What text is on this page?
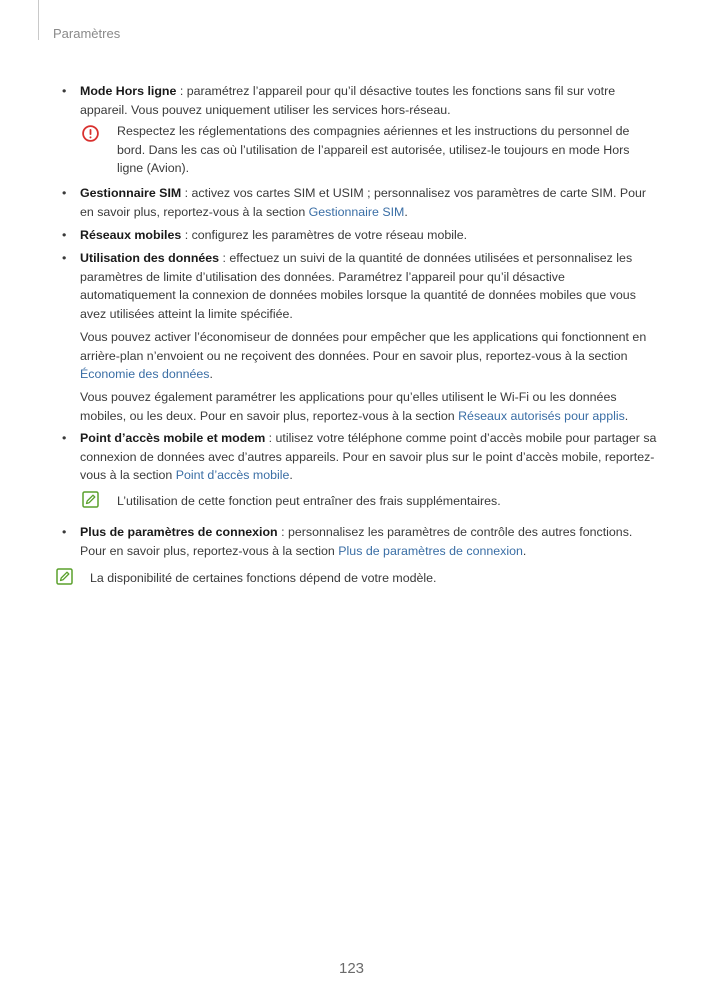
Paramètres
• Mode Hors ligne : paramétrez l’appareil pour qu’il désactive toutes les fonctions sans fil sur votre appareil. Vous pouvez uniquement utiliser les services hors-réseau.

Respectez les réglementations des compagnies aériennes et les instructions du personnel de bord. Dans les cas où l’utilisation de l’appareil est autorisée, utilisez-le toujours en mode Hors ligne (Avion).
• Gestionnaire SIM : activez vos cartes SIM et USIM ; personnalisez vos paramètres de carte SIM. Pour en savoir plus, reportez-vous à la section Gestionnaire SIM.

• Réseaux mobiles : configurez les paramètres de votre réseau mobile.

• Utilisation des données : effectuez un suivi de la quantité de données utilisées et personnalisez les paramètres de limite d’utilisation des données. Paramétrez l’appareil pour qu’il désactive automatiquement la connexion de données mobiles lorsque la quantité de données mobiles que vous avez utilisées atteint la limite spécifiée.

Vous pouvez activer l’économiseur de données pour empêcher que les applications qui fonctionnent en arrière-plan n’envoient ou ne reçoivent des données. Pour en savoir plus, reportez-vous à la section Économie des données.

Vous pouvez également paramétrer les applications pour qu’elles utilisent le Wi-Fi ou les données mobiles, ou les deux. Pour en savoir plus, reportez-vous à la section Réseaux autorisés pour applis.

• Point d’accès mobile et modem : utilisez votre téléphone comme point d’accès mobile pour partager sa connexion de données avec d’autres appareils. Pour en savoir plus sur le point d’accès mobile, reportez-vous à la section Point d’accès mobile.

L’utilisation de cette fonction peut entraîner des frais supplémentaires.
• Plus de paramètres de connexion : personnalisez les paramètres de contrôle des autres fonctions. Pour en savoir plus, reportez-vous à la section Plus de paramètres de connexion.

La disponibilité de certaines fonctions dépend de votre modèle.
123
